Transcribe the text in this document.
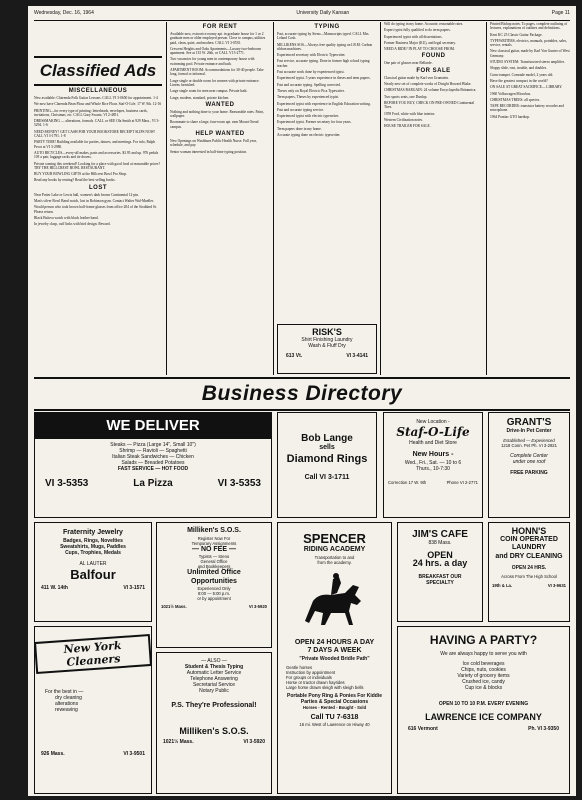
Wednesday, Dec. 16, 1964	University Daily Kansan	Page 11
Classified Ads
MISCELLANEOUS

New available: Clairenda Folk Guitar Lessons. CALL VI 3-0650 for appointment. 1-4

We now have Clarenda Bean Flour and Whole Rice Flour. Staf-O-Life. 17 W. 9th. 12-16

PRINTING—for every type of printing: letterheads, envelopes, business cards, invitations, Christmas, etc. CALL Gary Swartz, VI 2-4851.

DRESSMAKING — alterations, formals. CALL or SEE Ola Smith at 929 Mass., VI 3-5294. 1-6

NEED MONEY? GET CASH FOR YOUR BOOKSTORE RECEIPT SLIPS NOW! CALL VI 3-1791. 1-8

PARTY TIME! Building available for parties, dances, and meetings. For info, Ralph Pecot at VI 3-2980.

AUTO BICYCLES—every-all makes, parts and accessories. $3.95 and up. 976 pedals 10¢ a pair, luggage racks and tie downs.

Private coming this weekend? Looking for a place with good food at reasonable prices? TRY THE HILLCREST BOWL RESTAURANT.

BUY YOUR BOWLING GIFTS at the Hillcrest Bowl Pro Shop.

Read any books by renting? Read the best-selling books.

LOST

Near Potter Lake or Lewis hall, women's dark brown Continental 12-pin.

Man's silver Bowl Band watch, lost in Robinson gym. Contact Walter Wal-Mueller.

Would person who took brown half-frame glasses from office 204 of the Stoddard St. Please return.

Black Bulova watch with black leather band.

In jewelry clasp, cuff links with bird design. Reward.

FOR RENT

Available now, extra nice roomy apt. in graduate house for 1 or 2 graduate men or older employed person. Close to campus, utilities paid, clean, quiet, and modern. CALL VI 3-0535.

Crescent Heights and Oaks Apartments—Luxury two-bedroom apartment. See at 135 W. 26th, or CALL VI 3-2771.

Two vacancies for young men in contemporary house with swimming pool. Private entrance and bath.

APARTMENT ROOM: Accommodations for 30-40 people. Take long, formal or informal.

Large single or double room for women with private entrance. Linens furnished.

Large single room for men near campus. Private bath.

Large, modern, standard, private kitchen.

WANTED

Nothing and nothing done to your home. Reasonable rates. Paint, wallpaper.

Roommate to share a large, four-room apt. near Mount Oread campus.

HELP WANTED

New Openings on Washburn Public Health Nurse. Full year, schedule, and pay.

Senior woman interested in half-time typing position.

TYPING

Fast, accurate typing by Steno—Manuscripts typed. CALL Mrs. Leland Cosh.

MILLIKENS SOS—Always free quality typing on I.B.M. Carbon ribbon machines.

Experienced secretary with Electric Typewriter.

Fast service, accurate typing. Done in former high school typing teacher.

Fast accurate work done by experienced typist.

Experienced typist. 5 years experience in theses and term papers.

Fast and accurate typing. Spelling corrected.

Theses only on Royal Electric Pica Typewriter.

Term papers, Theses by experienced typist.

Experienced typist with experience in English Education writing.

Fast and accurate typing service.

Experienced typist with electric typewriter.

Experienced typist. Former secretary for four years.

Term papers done in my home.

Accurate typing done on electric typewriter.

RISK'S
Shirt Finishing Laundry
Wash & Fluff Dry
613 Vt.	VI 3-4141

Will do typing in my home. Accurate, reasonable rates.

Expert typist fully qualified to do term papers.

Experienced typist with all dissertations.

Former Business Major (KU), and legal secretary.

NEED A RIDE? IN PLAY TO CHOOSE FROM.

FOUND

One pair of glasses near Bellarde.

FOR SALE

Classical guitar made by Karl von Grunstein.

Nearly new set of complete works of Dwight Howard Blake.

CHRISTMAS BARGAIN: 24 volume Encyclopedia Britannica.

Two sports seats, one Dunlop.

BEFORE YOU BUY, CHECK ON PRE-OWNED Continental Tires.

1959 Ford, white with blue interior.

Western Civilization notes.

HOUSE TRAILER FOR SALE.

Printed Bishop notes. To pages, complete outlining of lectures, explanations of outlines and definitions.

Kent KC 25 Classic Guitar Package.

TYPEWRITERS, electrics, manuals, portables, sales, service, rentals.

New classical guitar, made by Karl Von Gunter of West Germany.

STUDIO SYSTEM: Transistorized stereo amplifier.

Sloppy slide, rust, trouble, and doubles.

Conn trumpet. Comrade model, 2 years old.

Have the greatest compact in the world?

ON SALE AT GREAT SACRIFICE— LIBRARY.

1960 Volkswagen Microbus.

CHRISTMAS TREES: all species.

TAPE RECORDER: transistor battery recorder and microphone.

1964 Pontiac GTO hardtop.

Business Directory
WE DELIVER
Steaks — Pizza (Large 14", Small 10")
Shrimp — Ravioli — Spaghetti
Italian Steak Sandwiches — Chicken
Salads — Breaded Potatoes
FAST SERVICE — HOT FOOD
VI 3-5353	La Pizza	VI 3-5353
Bob Lange
sells
Diamond Rings
Call VI 3-1711
New Location -
Staf-O-Life
Health and Diet Store
New Hours -
Wed., Fri., Sat. — 10 to 6
Thurs., 10-7:30
Correction 17 W. 9th	Phone VI 2-2771
GRANT'S
Drive-In Pet Center
Established — Experienced
1218 Conn. Pet Ph. VI 3-2921
Complete Center
under one roof
FREE PARKING
Fraternity Jewelry
Badges, Rings, Novelties
Sweatshirts, Mugs, Paddles
Cups, Trophies, Medals
AL LAUTER
Balfour
411 W. 14th	VI 3-1571
Milliken's S.O.S.
Register Now For
Temporary Assignments
— NO FEE —
Typists — Steno
General Office
and Bookkeepers
Unlimited Office
Opportunities
Experienced Only
8:00 — 5:00 p.m.
or by appointment
1021½ Mass.	VI 3-5920
SPENCER
RIDING ACADEMY
Transportation to and
from the academy.
OPEN 24 HOURS A DAY
7 DAYS A WEEK
"Private Wooded Bridle Path"
Gentle horses
Instruction by appointment
For groups or individuals
Horse or tractor drawn hayrides
Large horse drawn sleigh with sleigh bells
Portable Pony Ring & Ponies For Kiddie Parties & Special Occasions
Horses - Rented - Bought - Sold
Call TU 7-6318
16 mi. West of Lawrence on Hiway 40
JIM'S CAFE
838 Mass.
OPEN
24 hrs. a day
BREAKFAST OUR
SPECIALTY
HONN'S
COIN OPERATED
LAUNDRY
and DRY CLEANING
OPEN 24 HRS.
Across From The High School
19th & La.	VI 3-9631
New York Cleaners
For the best in —
dry cleaning
alterations
reweaving
926 Mass.	VI 3-9501
— ALSO —
Student & Thesis Typing
Automatic Letter Service
Telephone Answering
Secretarial Service
Notary Public
P.S. They're Professional!
Milliken's S.O.S.
1021½ Mass.	VI 3-5920
HAVING A PARTY?
We are always happy to serve you with
Ice cold beverages
Chips, nuts, cookies
Variety of grocery items
Crushed ice, candy
Cup ice & blocks
OPEN 10 TO 10 P.M. EVERY EVENING
LAWRENCE ICE COMPANY
616 Vermont	Ph. VI 3-9350
